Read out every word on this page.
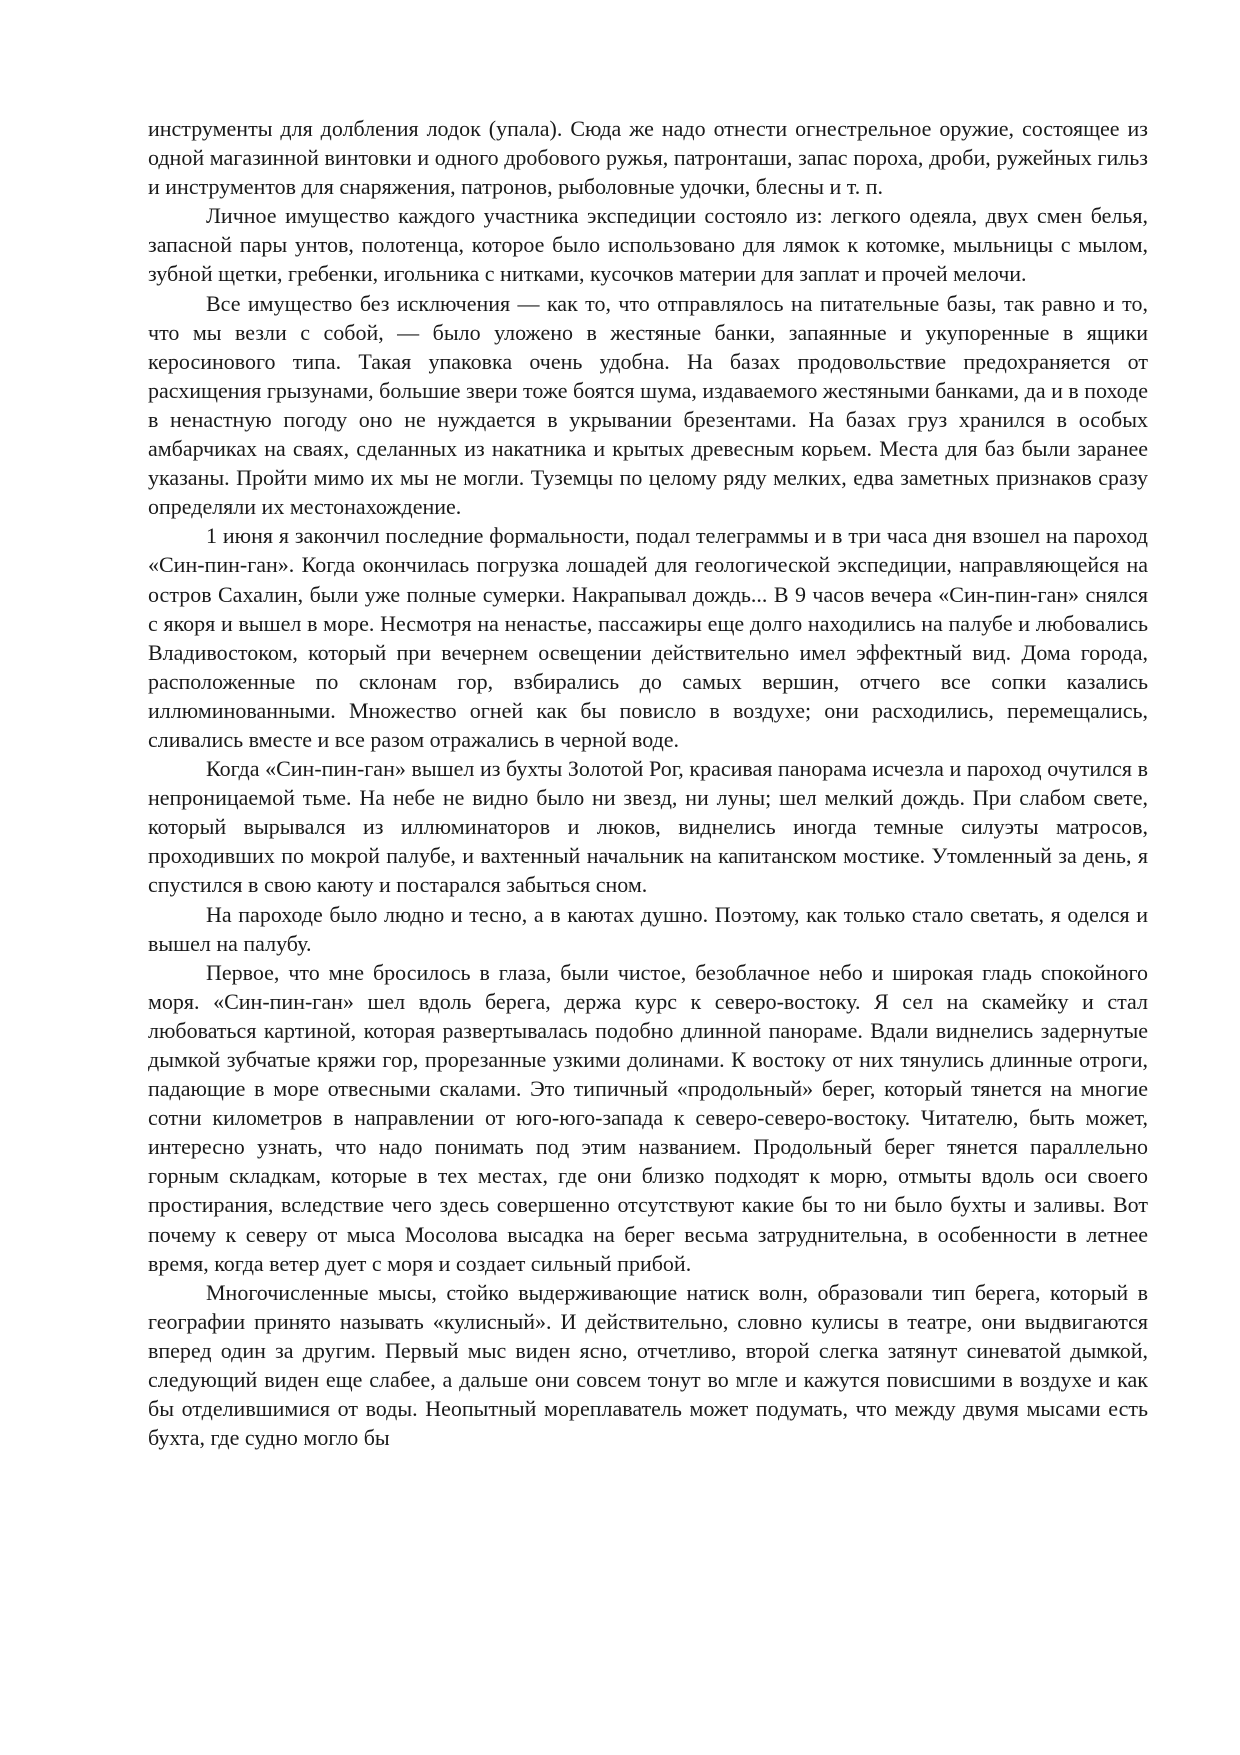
инструменты для долбления лодок (упала). Сюда же надо отнести огнестрельное оружие, состоящее из одной магазинной винтовки и одного дробового ружья, патронташи, запас пороха, дроби, ружейных гильз и инструментов для снаряжения, патронов, рыболовные удочки, блесны и т. п.

Личное имущество каждого участника экспедиции состояло из: легкого одеяла, двух смен белья, запасной пары унтов, полотенца, которое было использовано для лямок к котомке, мыльницы с мылом, зубной щетки, гребенки, игольника с нитками, кусочков материи для заплат и прочей мелочи.

Все имущество без исключения — как то, что отправлялось на питательные базы, так равно и то, что мы везли с собой, — было уложено в жестяные банки, запаянные и укупоренные в ящики керосинового типа. Такая упаковка очень удобна. На базах продовольствие предохраняется от расхищения грызунами, большие звери тоже боятся шума, издаваемого жестяными банками, да и в походе в ненастную погоду оно не нуждается в укрывании брезентами. На базах груз хранился в особых амбарчиках на сваях, сделанных из накатника и крытых древесным корьем. Места для баз были заранее указаны. Пройти мимо их мы не могли. Туземцы по целому ряду мелких, едва заметных признаков сразу определяли их местонахождение.

1 июня я закончил последние формальности, подал телеграммы и в три часа дня взошел на пароход «Син-пин-ган». Когда окончилась погрузка лошадей для геологической экспедиции, направляющейся на остров Сахалин, были уже полные сумерки. Накрапывал дождь... В 9 часов вечера «Син-пин-ган» снялся с якоря и вышел в море. Несмотря на ненастье, пассажиры еще долго находились на палубе и любовались Владивостоком, который при вечернем освещении действительно имел эффектный вид. Дома города, расположенные по склонам гор, взбирались до самых вершин, отчего все сопки казались иллюминованными. Множество огней как бы повисло в воздухе; они расходились, перемещались, сливались вместе и все разом отражались в черной воде.

Когда «Син-пин-ган» вышел из бухты Золотой Рог, красивая панорама исчезла и пароход очутился в непроницаемой тьме. На небе не видно было ни звезд, ни луны; шел мелкий дождь. При слабом свете, который вырывался из иллюминаторов и люков, виднелись иногда темные силуэты матросов, проходивших по мокрой палубе, и вахтенный начальник на капитанском мостике. Утомленный за день, я спустился в свою каюту и постарался забыться сном.

На пароходе было людно и тесно, а в каютах душно. Поэтому, как только стало светать, я оделся и вышел на палубу.

Первое, что мне бросилось в глаза, были чистое, безоблачное небо и широкая гладь спокойного моря. «Син-пин-ган» шел вдоль берега, держа курс к северо-востоку. Я сел на скамейку и стал любоваться картиной, которая развертывалась подобно длинной панораме. Вдали виднелись задернутые дымкой зубчатые кряжи гор, прорезанные узкими долинами. К востоку от них тянулись длинные отроги, падающие в море отвесными скалами. Это типичный «продольный» берег, который тянется на многие сотни километров в направлении от юго-юго-запада к северо-северо-востоку. Читателю, быть может, интересно узнать, что надо понимать под этим названием. Продольный берег тянется параллельно горным складкам, которые в тех местах, где они близко подходят к морю, отмыты вдоль оси своего простирания, вследствие чего здесь совершенно отсутствуют какие бы то ни было бухты и заливы. Вот почему к северу от мыса Мосолова высадка на берег весьма затруднительна, в особенности в летнее время, когда ветер дует с моря и создает сильный прибой.

Многочисленные мысы, стойко выдерживающие натиск волн, образовали тип берега, который в географии принято называть «кулисный». И действительно, словно кулисы в театре, они выдвигаются вперед один за другим. Первый мыс виден ясно, отчетливо, второй слегка затянут синеватой дымкой, следующий виден еще слабее, а дальше они совсем тонут во мгле и кажутся повисшими в воздухе и как бы отделившимися от воды. Неопытный мореплаватель может подумать, что между двумя мысами есть бухта, где судно могло бы
